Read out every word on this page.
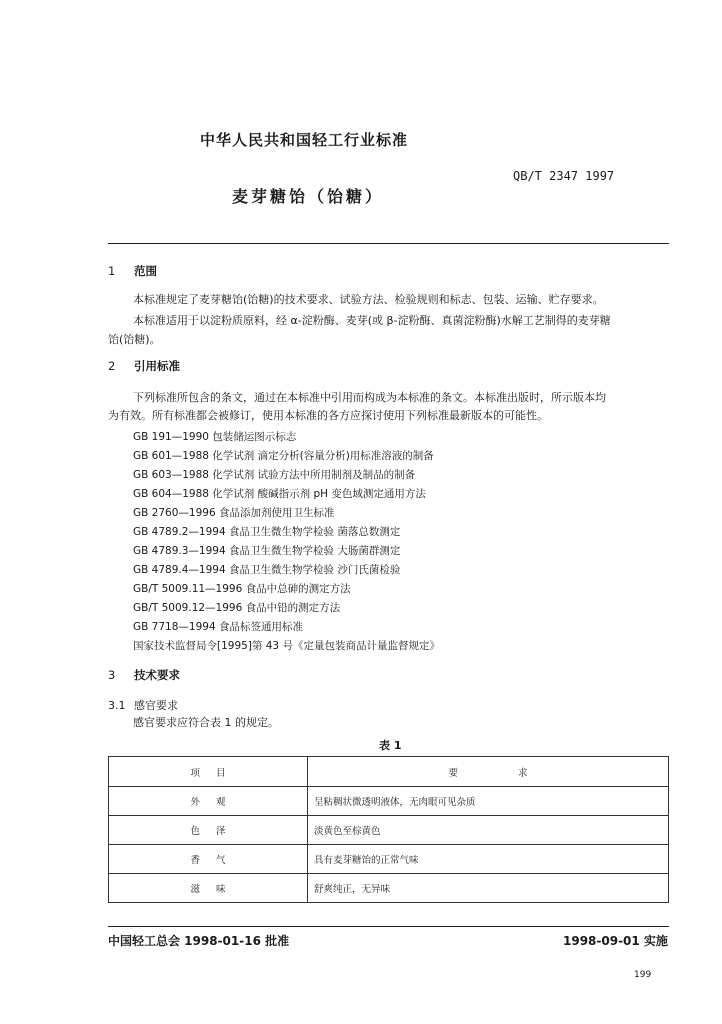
中华人民共和国轻工行业标准
QB/T 2347 1997
麦芽糖饴（饴糖）
1 范围
本标准规定了麦芽糖饴(饴糖)的技术要求、试验方法、检验规则和标志、包装、运输、贮存要求。
本标准适用于以淀粉质原料，经 α-淀粉酶、麦芽(或 β-淀粉酶、真菌淀粉酶)水解工艺制得的麦芽糖
饴(饴糖)。
2 引用标准
下列标准所包含的条文，通过在本标准中引用而构成为本标准的条文。本标准出版时，所示版本均
为有效。所有标准都会被修订，使用本标准的各方应探讨使用下列标准最新版本的可能性。
GB 191—1990 包装储运图示标志
GB 601—1988 化学试剂 滴定分析(容量分析)用标准溶液的制备
GB 603—1988 化学试剂 试验方法中所用制剂及制品的制备
GB 604—1988 化学试剂 酸碱指示剂 pH 变色域测定通用方法
GB 2760—1996 食品添加剂使用卫生标准
GB 4789.2—1994 食品卫生微生物学检验 菌落总数测定
GB 4789.3—1994 食品卫生微生物学检验 大肠菌群测定
GB 4789.4—1994 食品卫生微生物学检验 沙门氏菌检验
GB/T 5009.11—1996 食品中总砷的测定方法
GB/T 5009.12—1996 食品中铅的测定方法
GB 7718—1994 食品标签通用标准
国家技术监督局令[1995]第 43 号《定量包装商品计量监督规定》
3 技术要求
3.1 感官要求
感官要求应符合表 1 的规定。
表 1
项目	要求
外观	呈粘稠状微透明液体，无肉眼可见杂质
色泽	淡黄色至棕黄色
香气	具有麦芽糖饴的正常气味
滋味	舒爽纯正，无异味
中国轻工总会 1998-01-16 批准	1998-09-01 实施
199
